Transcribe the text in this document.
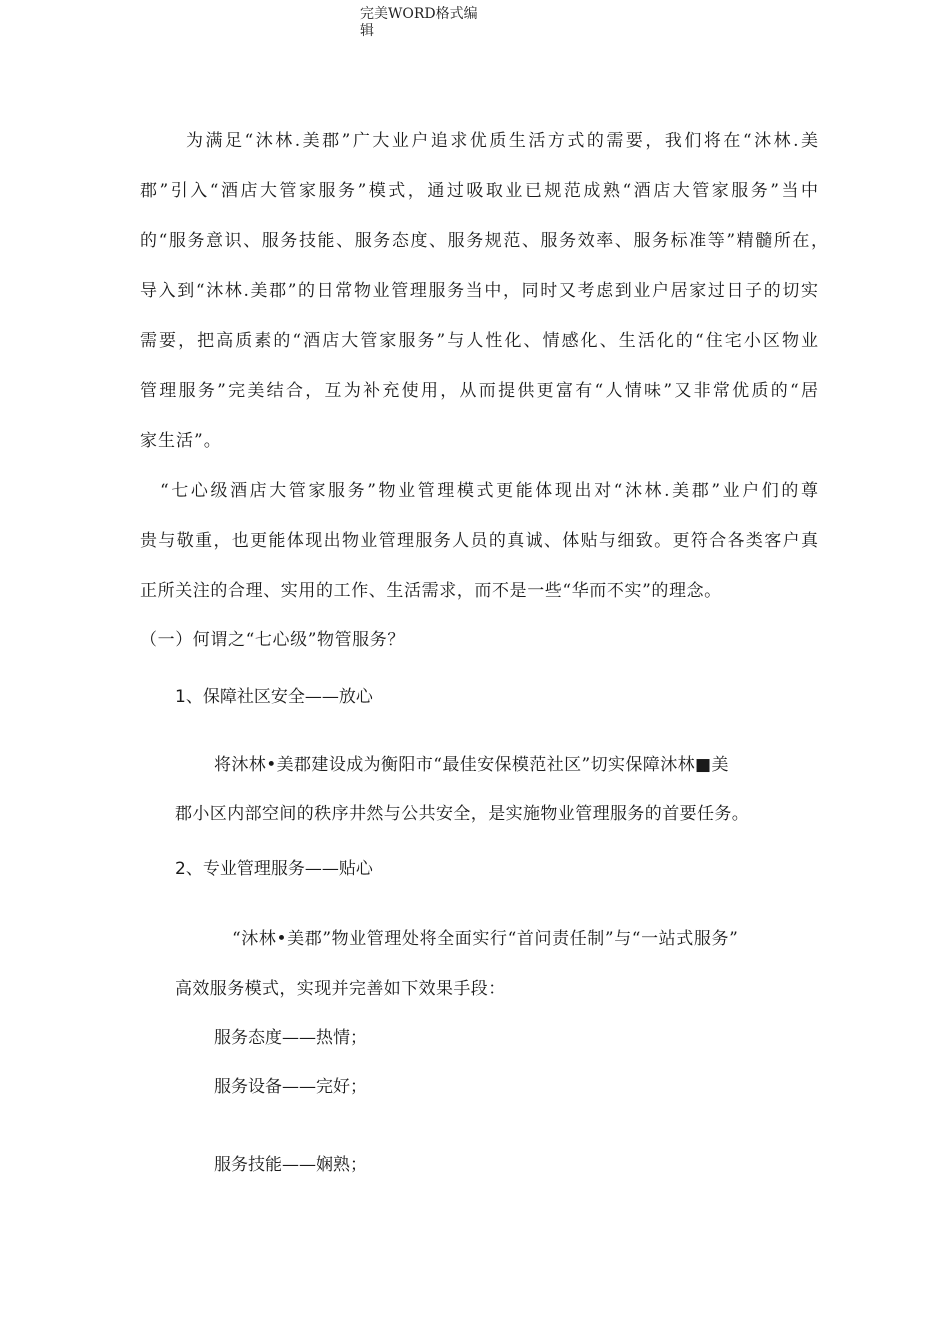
完美WORD格式编
辑
为满足“沐林.美郡”广大业户追求优质生活方式的需要，我们将在“沐林.美
郡”引入“酒店大管家服务”模式，通过吸取业已规范成熟“酒店大管家服务”当中
的“服务意识、服务技能、服务态度、服务规范、服务效率、服务标准等”精髓所在，
导入到“沐林.美郡”的日常物业管理服务当中，同时又考虑到业户居家过日子的切实
需要，把高质素的“酒店大管家服务”与人性化、情感化、生活化的“住宅小区物业
管理服务”完美结合，互为补充使用，从而提供更富有“人情味”又非常优质的“居
家生活”。
“七心级酒店大管家服务”物业管理模式更能体现出对“沐林.美郡”业户们的尊
贵与敬重，也更能体现出物业管理服务人员的真诚、体贴与细致。更符合各类客户真
正所关注的合理、实用的工作、生活需求，而不是一些“华而不实”的理念。
（一）何谓之“七心级”物管服务？
1、保障社区安全——放心
将沐林•美郡建设成为衡阳市“最佳安保模范社区”切实保障沐林■美
郡小区内部空间的秩序井然与公共安全，是实施物业管理服务的首要任务。
2、专业管理服务——贴心
“沐林•美郡”物业管理处将全面实行“首问责任制”与“一站式服务”
高效服务模式，实现并完善如下效果手段：
服务态度——热情；
服务设备——完好；
服务技能——娴熟；
